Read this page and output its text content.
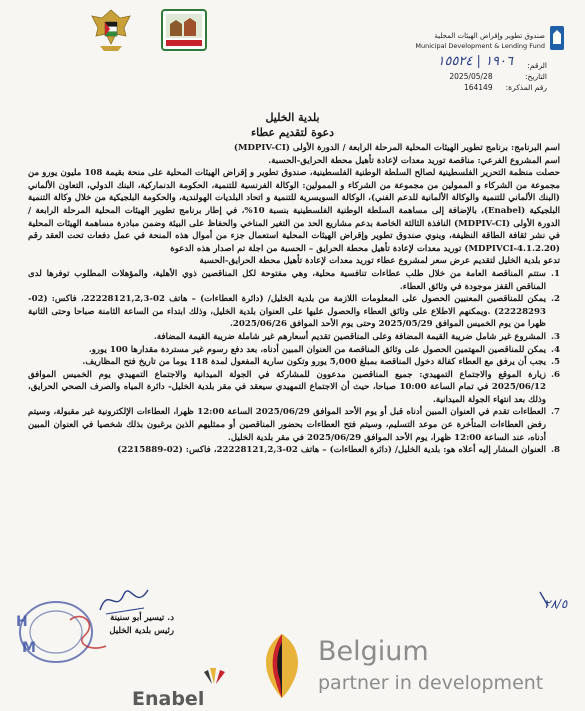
صندوق تطوير وإقراض الهيئات المحلية
Municipal Development & Lending Fund
الرقم:
١٩٠٦ | ١٥٥٢٤
التاريخ: 2025/05/28
رقم المذكرة: 164149
بلدية الخليل
دعوة لتقديم عطاء

اسم البرنامج: برنامج تطوير الهيئات المحلية المرحلة الرابعة / الدورة الأولى (MDPIV-CI)

اسم المشروع الفرعي: مناقصة توريد معدات لإعادة تأهيل محطة الحرايق-الحسبة.

حصلت منظمة التحرير الفلسطينية لصالح السلطة الوطنية الفلسطينية، صندوق تطوير و إقراض الهيئات المحلية على منحة بقيمة 108 مليون يورو من مجموعة من الشركاء و الممولين من مجموعة من الشركاء و الممولين: الوكالة الفرنسية للتنمية، الحكومة الدنماركية، البنك الدولي، التعاون الألماني (البنك الألماني للتنمية والوكالة الألمانية للدعم الفني)، الوكالة السويسرية للتنمية و اتحاد البلديات الهولندية، والحكومة البلجيكية من خلال وكالة التنمية البلجيكية (Enabel)، بالإضافة إلى مساهمة السلطة الوطنية الفلسطينية بنسبة 10%، في إطار برنامج تطوير الهيئات المحلية المرحلة الرابعة / الدورة الأولى (MDPIV-CI) النافذة الثالثة الخاصة بدعم مشاريع الحد من التغير المناخي والحفاظ على البيئة وضمن مبادرة مساهمة الهيئات المحلية في نشر ثقافة الطاقة النظيفة، وينوي صندوق تطوير وإقراض الهيئات المحلية استعمال جزء من أموال هذه المنحة في عمل دفعات تحت العقد رقم (MDPIVCI-4.1.2.20) توريد معدات لإعادة تأهيل محطة الحرايق – الحسبة من اجلة تم اصدار هذه الدعوة

تدعو بلدية الخليل لتقديم عرض سعر لمشروع عطاء توريد معدات لإعادة تأهيل محطة الحرايق-الحسبة

1.
ستتم المناقصة العامة من خلال طلب عطاءات تنافسية محلية، وهي مفتوحة لكل المناقصين ذوي الأهلية، والمؤهلات المطلوب توفرها لدى المناقص القفز موجودة في وثائق العطاء.
2.
يمكن للمناقصين المعنيين الحصول على المعلومات اللازمة من بلدية الخليل/ (دائرة العطاءات) – هاتف 02-22228121,2,3، فاكس: (02-22228293) .ويمكنهم الاطلاع على وثائق العطاء والحصول عليها على العنوان بلدية الخليل، وذلك ابتداء من الساعة الثامنة صباحا وحتى الثانية ظهرا من يوم الخميس الموافق 2025/05/29 وحتى يوم الأحد الموافق 2025/06/26.
3.
المشروع غير شامل ضريبة القيمة المضافة وعلى المناقصين تقديم أسعارهم غير شاملة ضريبة القيمة المضافة.
4.
يمكن للمناقصين المهتمين الحصول على وثائق المناقصة من العنوان المبين أدناه، بعد دفع رسوم غير مستردة مقدارها 100 يورو.
5.
يجب أن يرفق مع العطاء كفالة دخول المناقصة بمبلغ 5,000 يورو وتكون سارية المفعول لمدة 118 يوما من تاريخ فتح المظاريف.
6.
زيارة الموقع والاجتماع التمهيدي: جميع المناقصين مدعوون للمشاركة في الجولة الميدانية والاجتماع التمهيدي يوم الخميس الموافق 2025/06/12 في تمام الساعة 10:00 صباحا، حيث أن الاجتماع التمهيدي سيعقد في مقر بلدية الخليل- دائرة المياه والصرف الصحي الحرايق، وذلك بعد انتهاء الجولة الميدانية.
7.
العطاءات تقدم في العنوان المبين أدناه قبل أو يوم الأحد الموافق 2025/06/29 الساعة 12:00 ظهرا، العطاءات الإلكترونية غير مقبولة، وسيتم رفض العطاءات المتأخرة عن موعد التسليم، وسيتم فتح العطاءات بحضور المناقصين أو ممثليهم الذين يرغبون بذلك شخصيا في العنوان المبين أدناه، عند الساعة 12:00 ظهرا، يوم الأحد الموافق 2025/06/29 في مقر بلدية الخليل.
8.
العنوان المشار إليه أعلاه هو: بلدية الخليل/ (دائرة العطاءات) – هاتف 02-22228121,2,3، فاكس: (02-2215889)
H
M
د. تيسير أبو سنينة
رئيس بلدية الخليل
٢٨/٥
Enabel
Belgium
partner in development
